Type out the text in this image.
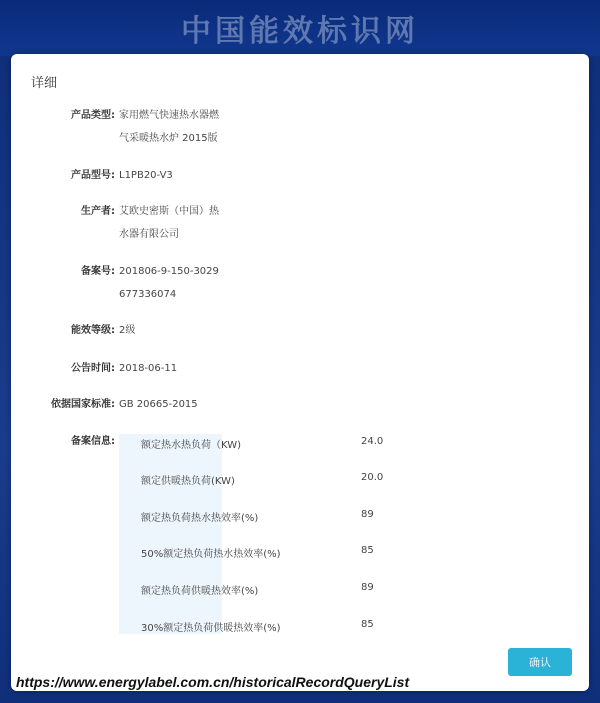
中国能效标识网
详细
产品类型: 家用燃气快速热水器燃
气采暖热水炉 2015版
产品型号: L1PB20-V3
生产者: 艾欧史密斯（中国）热
水器有限公司
备案号: 201806-9-150-3029
677336074
能效等级: 2级
公告时间: 2018-06-11
依据国家标准: GB 20665-2015
备案信息:	额定热水热负荷（KW)	24.0
额定供暖热负荷(KW)	20.0
额定热负荷热水热效率(%)	89
50%额定热负荷热水热效率(%)	85
额定热负荷供暖热效率(%)	89
30%额定热负荷供暖热效率(%)	85
确认
https://www.energylabel.com.cn/historicalRecordQueryList
